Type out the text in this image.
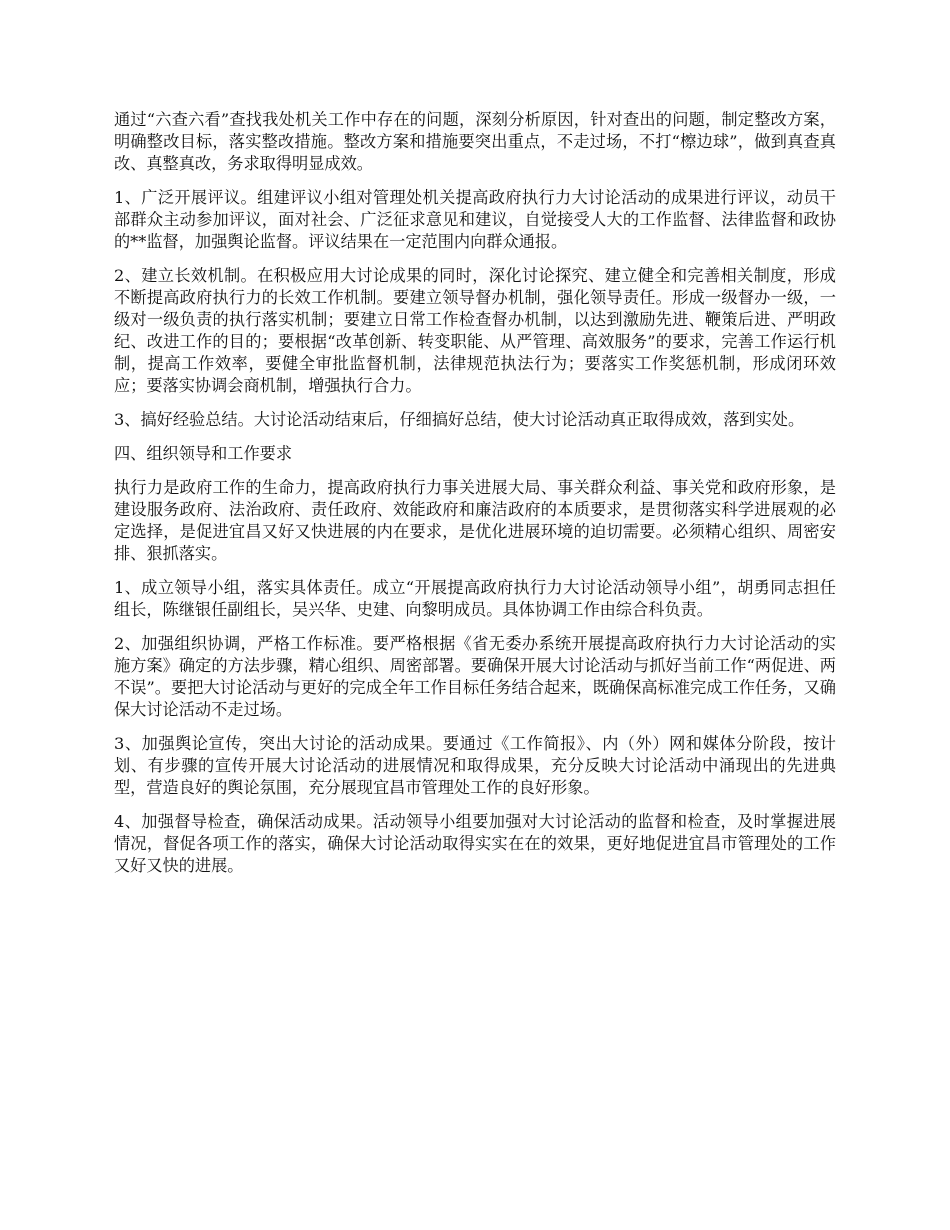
通过“六查六看”查找我处机关工作中存在的问题，深刻分析原因，针对查出的问题，制定整改方案，明确整改目标，落实整改措施。整改方案和措施要突出重点，不走过场，不打“檫边球”，做到真查真改、真整真改，务求取得明显成效。

1、广泛开展评议。组建评议小组对管理处机关提高政府执行力大讨论活动的成果进行评议，动员干部群众主动参加评议，面对社会、广泛征求意见和建议，自觉接受人大的工作监督、法律监督和政协的**监督，加强舆论监督。评议结果在一定范围内向群众通报。

2、建立长效机制。在积极应用大讨论成果的同时，深化讨论探究、建立健全和完善相关制度，形成不断提高政府执行力的长效工作机制。要建立领导督办机制，强化领导责任。形成一级督办一级，一级对一级负责的执行落实机制；要建立日常工作检查督办机制，以达到激励先进、鞭策后进、严明政纪、改进工作的目的；要根据“改革创新、转变职能、从严管理、高效服务”的要求，完善工作运行机制，提高工作效率，要健全审批监督机制，法律规范执法行为；要落实工作奖惩机制，形成闭环效应；要落实协调会商机制，增强执行合力。

3、搞好经验总结。大讨论活动结束后，仔细搞好总结，使大讨论活动真正取得成效，落到实处。

四、组织领导和工作要求

执行力是政府工作的生命力，提高政府执行力事关进展大局、事关群众利益、事关党和政府形象，是建设服务政府、法治政府、责任政府、效能政府和廉洁政府的本质要求，是贯彻落实科学进展观的必定选择，是促进宜昌又好又快进展的内在要求，是优化进展环境的迫切需要。必须精心组织、周密安排、狠抓落实。

1、成立领导小组，落实具体责任。成立“开展提高政府执行力大讨论活动领导小组”，胡勇同志担任组长，陈继银任副组长，吴兴华、史建、向黎明成员。具体协调工作由综合科负责。

2、加强组织协调，严格工作标准。要严格根据《省无委办系统开展提高政府执行力大讨论活动的实施方案》确定的方法步骤，精心组织、周密部署。要确保开展大讨论活动与抓好当前工作“两促进、两不误”。要把大讨论活动与更好的完成全年工作目标任务结合起来，既确保高标准完成工作任务，又确保大讨论活动不走过场。

3、加强舆论宣传，突出大讨论的活动成果。要通过《工作简报》、内（外）网和媒体分阶段，按计划、有步骤的宣传开展大讨论活动的进展情况和取得成果，充分反映大讨论活动中涌现出的先进典型，营造良好的舆论氛围，充分展现宜昌市管理处工作的良好形象。

4、加强督导检查，确保活动成果。活动领导小组要加强对大讨论活动的监督和检查，及时掌握进展情况，督促各项工作的落实，确保大讨论活动取得实实在在的效果，更好地促进宜昌市管理处的工作又好又快的进展。
